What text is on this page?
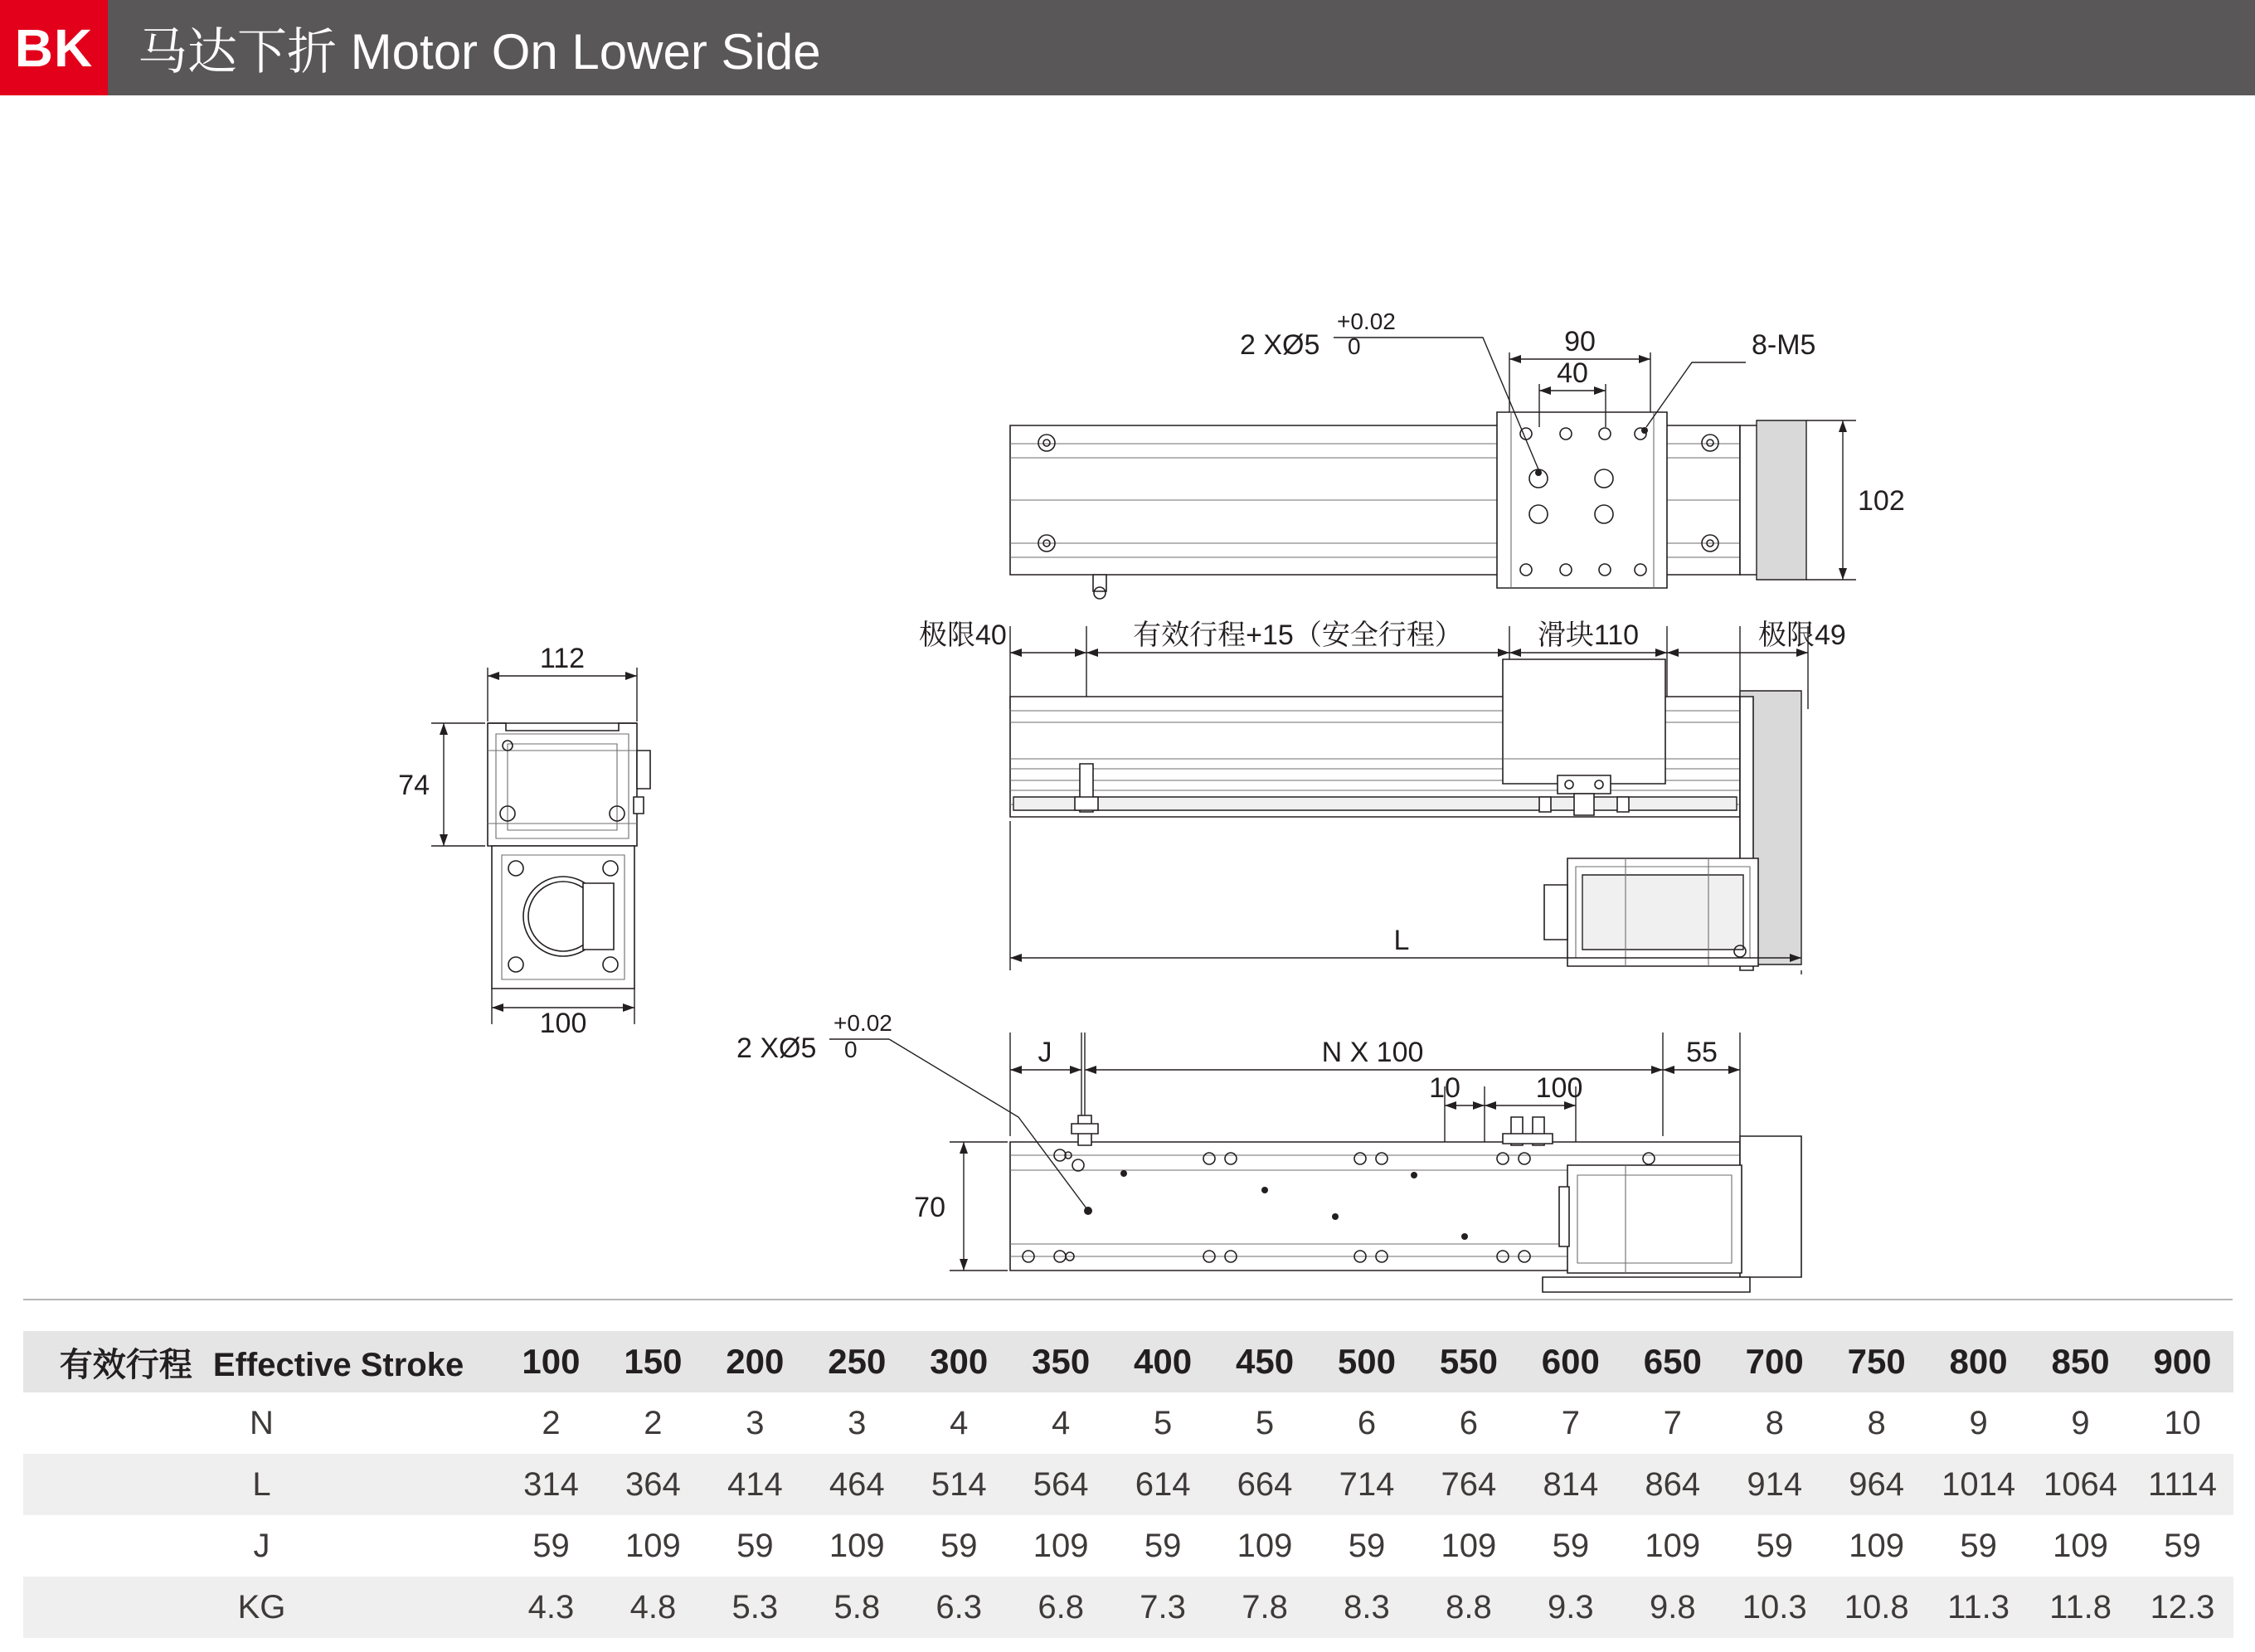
BK 马达下折 Motor On Lower Side
90
40
2 XØ5
+0.02
0	8-M5
102
112
74
100
极限40	有效行程+15（安全行程）	滑块110	极限49
L
J	N X 100	55
10	100
70
2 XØ5
+0.02
0
有效行程 Effective Stroke	100	150	200	250	300	350	400	450	500	550	600	650	700	750	800	850	900
N	2	2	3	3	4	4	5	5	6	6	7	7	8	8	9	9	10
L	314	364	414	464	514	564	614	664	714	764	814	864	914	964	1014	1064	1114
J	59	109	59	109	59	109	59	109	59	109	59	109	59	109	59	109	59
KG	4.3	4.8	5.3	5.8	6.3	6.8	7.3	7.8	8.3	8.8	9.3	9.8	10.3	10.8	11.3	11.8	12.3
